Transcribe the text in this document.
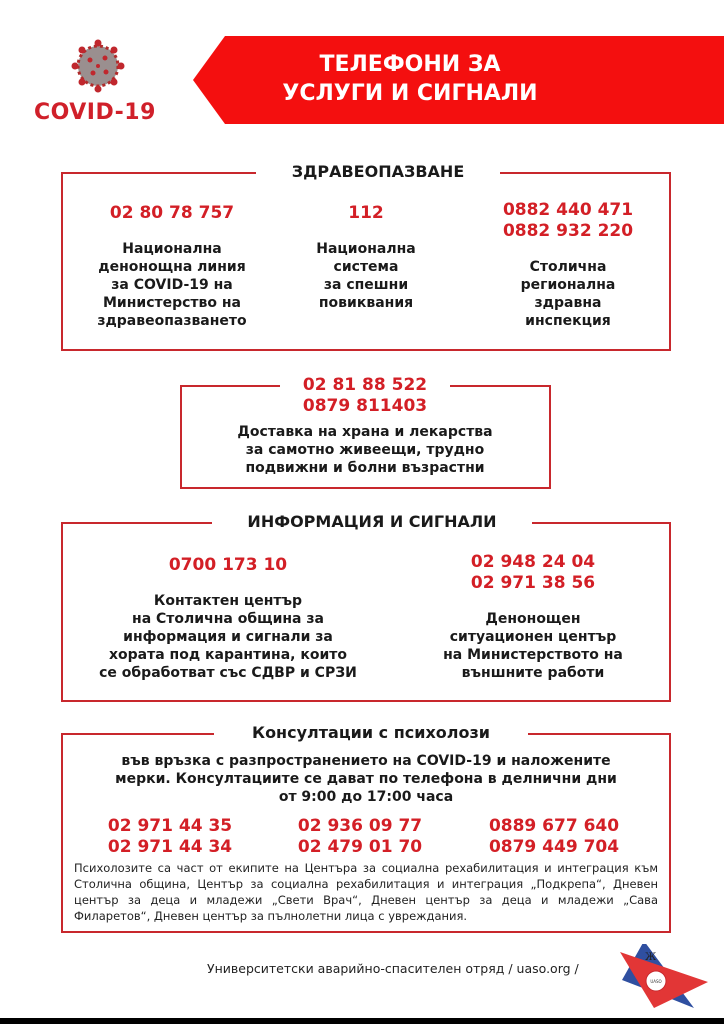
COVID-19
ТЕЛЕФОНИ ЗА
УСЛУГИ И СИГНАЛИ
ЗДРАВЕОПАЗВАНЕ
02 80 78 757
Национална
денонощна линия
за COVID-19 на
Министерство на
здравеопазването
112
Национална
система
за спешни
повиквания
0882 440 471
0882 932 220
Столична
регионална
здравна
инспекция
02 81 88 522
0879 811403
Доставка на храна и лекарства
за самотно живеещи, трудно
подвижни и болни възрастни
ИНФОРМАЦИЯ И СИГНАЛИ
0700 173 10
Контактен център
на Столична община за
информация и сигнали за
хората под карантина, които
се обработват със СДВР и СРЗИ
02 948 24 04
02 971 38 56
Денонощен
ситуационен център
на Министерството на
външните работи
Консултации с психолози
във връзка с разпространението на COVID-19 и наложените
мерки. Консултациите се дават по телефона в делнични дни
от 9:00 до 17:00 часа
02 971 44 35
02 971 44 34
02 936 09 77
02 479 01 70
0889 677 640
0879 449 704
Психолозите са част от екипите на Центъра за социална рехабилитация и интеграция към Столична община, Център за социална рехабилитация и интеграция „Подкрепа“, Дневен център за деца и младежи „Свети Врач“, Дневен център за деца и младежи „Сава Филаретов“, Дневен център за пълнолетни лица с увреждания.
Университетски аварийно-спасителен отряд / uaso.org /
UASO
Ж
